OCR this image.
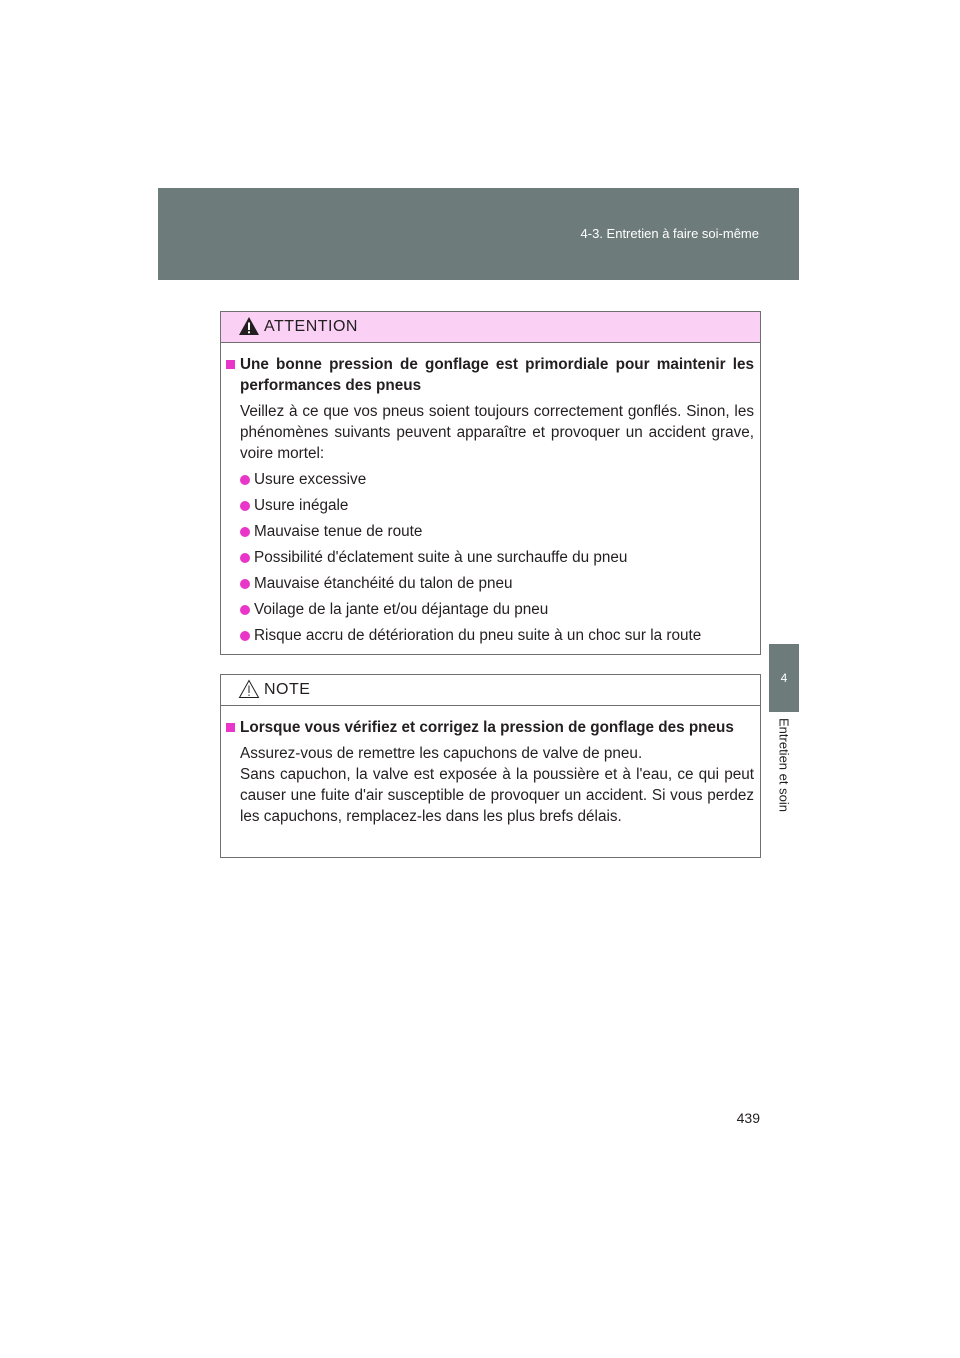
4-3. Entretien à faire soi-même
4
Entretien et soin
ATTENTION
Une bonne pression de gonflage est primordiale pour maintenir les performances des pneus
Veillez à ce que vos pneus soient toujours correctement gonflés. Sinon, les phénomènes suivants peuvent apparaître et provoquer un accident grave, voire mortel:
Usure excessive
Usure inégale
Mauvaise tenue de route
Possibilité d'éclatement suite à une surchauffe du pneu
Mauvaise étanchéité du talon de pneu
Voilage de la jante et/ou déjantage du pneu
Risque accru de détérioration du pneu suite à un choc sur la route
NOTE
Lorsque vous vérifiez et corrigez la pression de gonflage des pneus
Assurez-vous de remettre les capuchons de valve de pneu.
Sans capuchon, la valve est exposée à la poussière et à l'eau, ce qui peut causer une fuite d'air susceptible de provoquer un accident. Si vous perdez les capuchons, remplacez-les dans les plus brefs délais.
439
